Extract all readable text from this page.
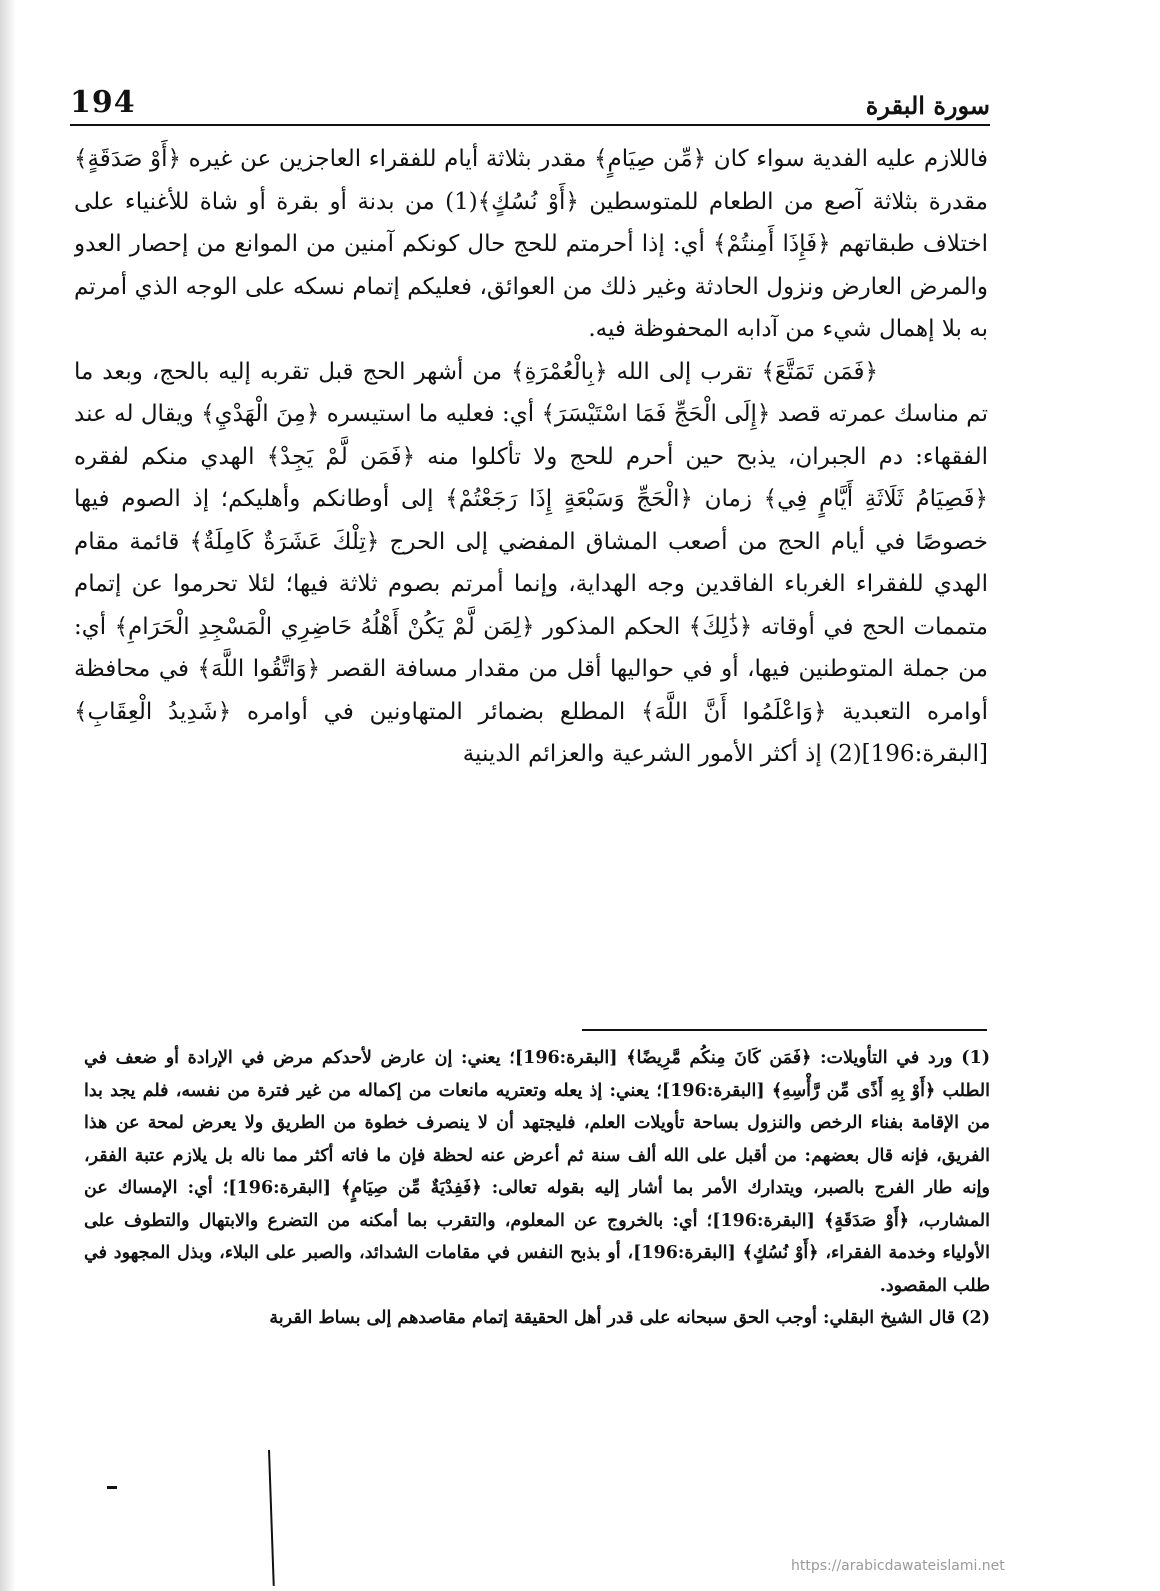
194	سورة البقرة

فاللازم عليه الفدية سواء كان ﴿مِّن صِيَامٍ﴾ مقدر بثلاثة أيام للفقراء العاجزين عن غيره ﴿أَوْ صَدَقَةٍ﴾ مقدرة بثلاثة آصع من الطعام للمتوسطين ﴿أَوْ نُسُكٍ﴾(1) من بدنة أو بقرة أو شاة للأغنياء على اختلاف طبقاتهم ﴿فَإِذَا أَمِنتُمْ﴾ أي: إذا أحرمتم للحج حال كونكم آمنين من الموانع من إحصار العدو والمرض العارض ونزول الحادثة وغير ذلك من العوائق، فعليكم إتمام نسكه على الوجه الذي أمرتم به بلا إهمال شيء من آدابه المحفوظة فيه.

﴿فَمَن تَمَتَّعَ﴾ تقرب إلى الله ﴿بِالْعُمْرَةِ﴾ من أشهر الحج قبل تقربه إليه بالحج، وبعد ما تم مناسك عمرته قصد ﴿إِلَى الْحَجِّ فَمَا اسْتَيْسَرَ﴾ أي: فعليه ما استيسره ﴿مِنَ الْهَدْيِ﴾ ويقال له عند الفقهاء: دم الجبران، يذبح حين أحرم للحج ولا تأكلوا منه ﴿فَمَن لَّمْ يَجِدْ﴾ الهدي منكم لفقره ﴿فَصِيَامُ ثَلَاثَةِ أَيَّامٍ فِي﴾ زمان ﴿الْحَجِّ وَسَبْعَةٍ إِذَا رَجَعْتُمْ﴾ إلى أوطانكم وأهليكم؛ إذ الصوم فيها خصوصًا في أيام الحج من أصعب المشاق المفضي إلى الحرج ﴿تِلْكَ عَشَرَةٌ كَامِلَةٌ﴾ قائمة مقام الهدي للفقراء الغرباء الفاقدين وجه الهداية، وإنما أمرتم بصوم ثلاثة فيها؛ لئلا تحرموا عن إتمام متممات الحج في أوقاته ﴿ذَٰلِكَ﴾ الحكم المذكور ﴿لِمَن لَّمْ يَكُنْ أَهْلُهُ حَاضِرِي الْمَسْجِدِ الْحَرَامِ﴾ أي: من جملة المتوطنين فيها، أو في حواليها أقل من مقدار مسافة القصر ﴿وَاتَّقُوا اللَّهَ﴾ في محافظة أوامره التعبدية ﴿وَاعْلَمُوا أَنَّ اللَّهَ﴾ المطلع بضمائر المتهاونين في أوامره ﴿شَدِيدُ الْعِقَابِ﴾ [البقرة:196](2) إذ أكثر الأمور الشرعية والعزائم الدينية

(1) ورد في التأويلات: ﴿فَمَن كَانَ مِنكُم مَّرِيضًا﴾ [البقرة:196]؛ يعني: إن عارض لأحدكم مرض في الإرادة أو ضعف في الطلب ﴿أَوْ بِهِ أَذًى مِّن رَّأْسِهِ﴾ [البقرة:196]؛ يعني: إذ يعله وتعتريه مانعات من إكماله من غير فترة من نفسه، فلم يجد بدا من الإقامة بفناء الرخص والنزول بساحة تأويلات العلم، فليجتهد أن لا ينصرف خطوة من الطريق ولا يعرض لمحة عن هذا الفريق، فإنه قال بعضهم: من أقبل على الله ألف سنة ثم أعرض عنه لحظة فإن ما فاته أكثر مما ناله بل يلازم عتبة الفقر، وإنه طار الفرج بالصبر، ويتدارك الأمر بما أشار إليه بقوله تعالى: ﴿فَفِدْيَةٌ مِّن صِيَامٍ﴾ [البقرة:196]؛ أي: الإمساك عن المشارب، ﴿أَوْ صَدَقَةٍ﴾ [البقرة:196]؛ أي: بالخروج عن المعلوم، والتقرب بما أمكنه من التضرع والابتهال والتطوف على الأولياء وخدمة الفقراء، ﴿أَوْ نُسُكٍ﴾ [البقرة:196]، أو بذبح النفس في مقامات الشدائد، والصبر على البلاء، وبذل المجهود في طلب المقصود.

(2) قال الشيخ البقلي: أوجب الحق سبحانه على قدر أهل الحقيقة إتمام مقاصدهم إلى بساط القربة

https://arabicdawateislami.net
